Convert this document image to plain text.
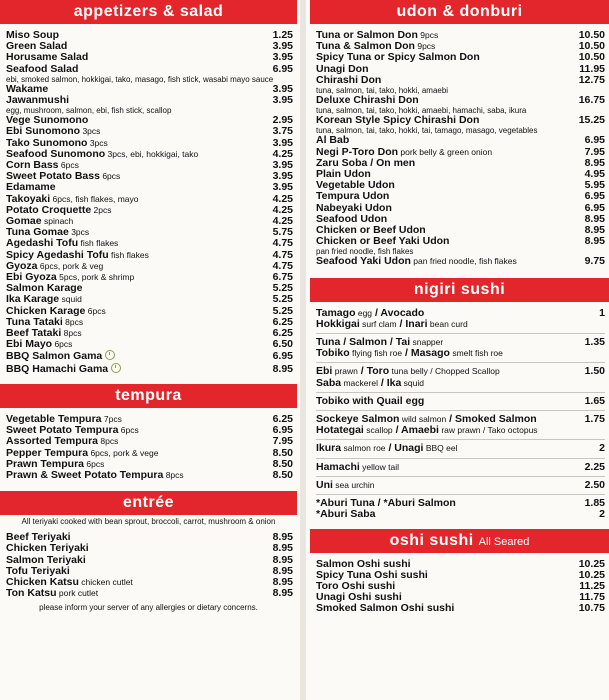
appetizers & salad
Miso Soup	1.25
Green Salad	3.95
Horusame Salad	3.95
Seafood Salad	6.95
ebi, smoked salmon, hokkigai, tako, masago, fish stick, wasabi mayo sauce
Wakame	3.95
Jawanmushi	3.95
egg, mushroom, salmon, ebi, fish stick, scallop
Vege Sunomono	2.95
Ebi Sunomono 3pcs	3.75
Tako Sunomono 3pcs	3.95
Seafood Sunomono 3pcs, ebi, hokkigai, tako	4.25
Corn Bass 6pcs	3.95
Sweet Potato Bass 6pcs	3.95
Edamame	3.95
Takoyaki 6pcs, fish flakes, mayo	4.25
Potato Croquette 2pcs	4.25
Gomae spinach	4.25
Tuna Gomae 3pcs	5.75
Agedashi Tofu fish flakes	4.75
Spicy Agedashi Tofu fish flakes	4.75
Gyoza 6pcs, pork & veg	4.75
Ebi Gyoza 5pcs, pork & shrimp	6.75
Salmon Karage	5.25
Ika Karage squid	5.25
Chicken Karage 6pcs	5.25
Tuna Tataki 8pcs	6.25
Beef Tataki 8pcs	6.25
Ebi Mayo 6pcs	6.50
BBQ Salmon Gama	6.95
BBQ Hamachi Gama	8.95
tempura
Vegetable Tempura 7pcs	6.25
Sweet Potato Tempura 6pcs	6.95
Assorted Tempura 8pcs	7.95
Pepper Tempura 6pcs, pork & vege	8.50
Prawn Tempura 6pcs	8.50
Prawn & Sweet Potato Tempura 8pcs	8.50
entrée
All teriyaki cooked with bean sprout, broccoli, carrot, mushroom & onion
Beef Teriyaki	8.95
Chicken Teriyaki	8.95
Salmon Teriyaki	8.95
Tofu Teriyaki	8.95
Chicken Katsu chicken cutlet	8.95
Ton Katsu pork cutlet	8.95
please inform your server of any allergies or dietary concerns.
udon & donburi
Tuna or Salmon Don 9pcs	10.50
Tuna & Salmon Don 9pcs	10.50
Spicy Tuna or Spicy Salmon Don	10.50
Unagi Don	11.95
Chirashi Don	12.75
tuna, salmon, tai, tako, hokki, amaebi
Deluxe Chirashi Don	16.75
tuna, salmon, tai, tako, hokki, amaebi, hamachi, saba, ikura
Korean Style Spicy Chirashi Don	15.25
tuna, salmon, tai, tako, hokki, tai, tamago, masago, vegetables
Al Bab	6.95
Negi P-Toro Don pork belly & green onion	7.95
Zaru Soba / On men	8.95
Plain Udon	4.95
Vegetable Udon	5.95
Tempura Udon	6.95
Nabeyaki Udon	6.95
Seafood Udon	8.95
Chicken or Beef Udon	8.95
Chicken or Beef Yaki Udon	8.95
pan fried noodle, fish flakes
Seafood Yaki Udon pan fried noodle, fish flakes	9.75
nigiri sushi
Tamago egg / Avocado	1
Hokkigai surf clam / Inari bean curd
Tuna / Salmon / Tai snapper	1.35
Tobiko flying fish roe / Masago smelt fish roe
Ebi prawn / Toro tuna belly / Chopped Scallop	1.50
Saba mackerel / Ika squid
Tobiko with Quail egg	1.65
Sockeye Salmon wild salmon / Smoked Salmon	1.75
Hotategai scallop / Amaebi raw prawn / Tako octopus
Ikura salmon roe / Unagi BBQ eel	2
Hamachi yellow tail	2.25
Uni sea urchin	2.50
*Aburi Tuna / *Aburi Salmon	1.85
*Aburi Saba	2
oshi sushi All Seared
Salmon Oshi sushi	10.25
Spicy Tuna Oshi sushi	10.25
Toro Oshi sushi	11.25
Unagi Oshi sushi	11.75
Smoked Salmon Oshi sushi	10.75
